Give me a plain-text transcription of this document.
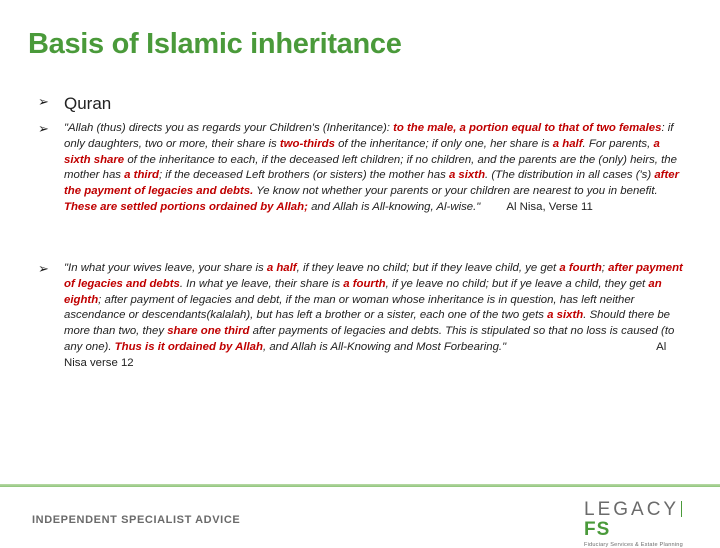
Basis of Islamic inheritance
➢ Quran
➢	"Allah (thus) directs you as regards your Children's (Inheritance): to the male, a portion equal to that of two females: if only daughters, two or more, their share is two-thirds of the inheritance; if only one, her share is a half. For parents, a sixth share of the inheritance to each, if the deceased left children; if no children, and the parents are the (only) heirs, the mother has a third; if the deceased Left brothers (or sisters) the mother has a sixth. (The distribution in all cases ('s) after the payment of legacies and debts. Ye know not whether your parents or your children are nearest to you in benefit. These are settled portions ordained by Allah; and Allah is All-knowing, Al-wise." Al Nisa, Verse 11

➢	"In what your wives leave, your share is a half, if they leave no child; but if they leave child, ye get a fourth; after payment of legacies and debts. In what ye leave, their share is a fourth, if ye leave no child; but if ye leave a child, they get an eighth; after payment of legacies and debt, if the man or woman whose inheritance is in question, has left neither ascendance or descendants(kalalah), but has left a brother or a sister, each one of the two gets a sixth. Should there be more than two, they share one third after payments of legacies and debts. This is stipulated so that no loss is caused (to any one). Thus is it ordained by Allah, and Allah is All-Knowing and Most Forbearing."	Al Nisa verse 12

INDEPENDENT SPECIALIST ADVICE	LEGACYFS
Fiduciary Services & Estate Planning
